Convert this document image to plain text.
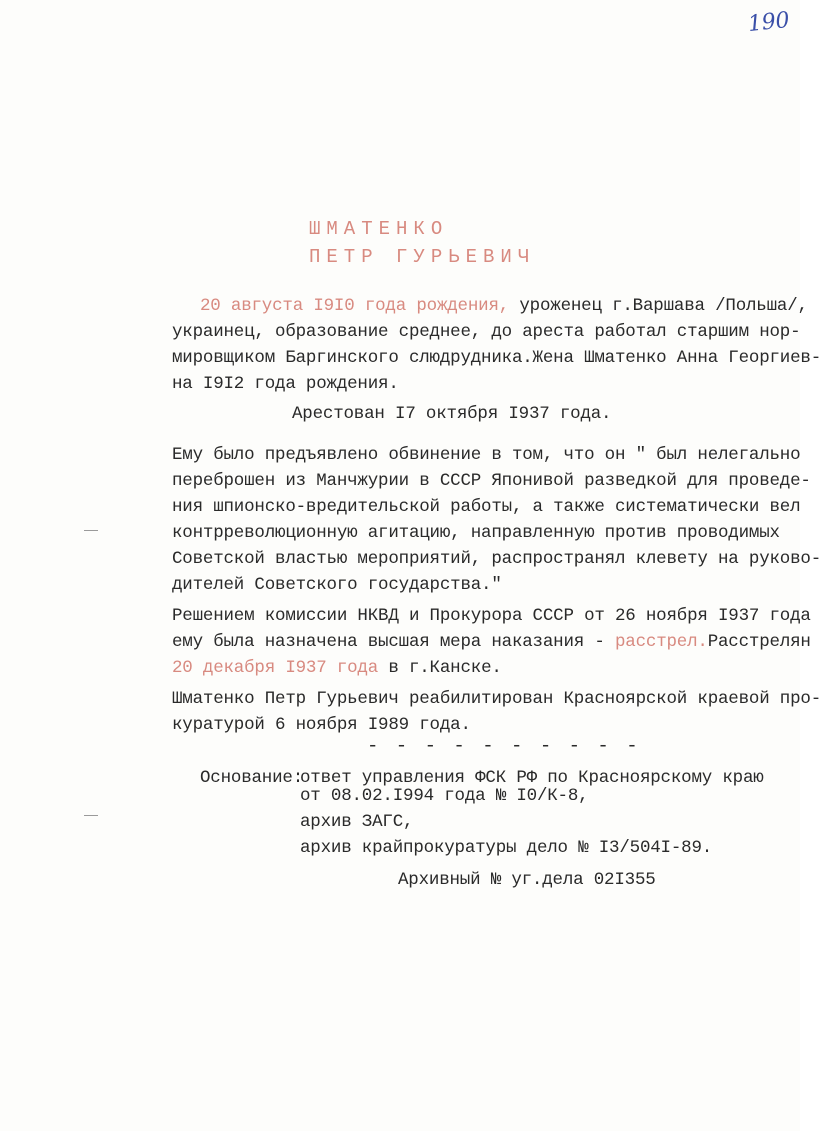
190
ШМАТЕНКО
ПЕТР ГУРЬЕВИЧ
20 августа I9I0 года рождения, уроженец г.Варшава /Польша/,
украинец, образование среднее, до ареста работал старшим нор-
мировщиком Баргинского слюдрудника.Жена Шматенко Анна Георгиев-
на I9I2 года рождения.
Арестован I7 октября I937 года.
Ему было предъявлено обвинение в том, что он " был нелегально
переброшен из Манчжурии в СССР Японивой разведкой для проведе-
ния шпионско-вредительской работы, а также систематически вел
контрреволюционную агитацию, направленную против проводимых
Советской властью мероприятий, распространял клевету на руково-
дителей Советского государства."
Решением комиссии НКВД и Прокурора СССР от 26 ноября I937 года
ему была назначена высшая мера наказания - расстрел.Расстрелян
20 декабря I937 года в г.Канске.
Шматенко Петр Гурьевич реабилитирован Красноярской краевой про-
куратурой 6 ноября I989 года.
- - - - - - - - - -
Основание:
ответ управления ФСК РФ по Красноярскому краю
от 08.02.I994 года № I0/К-8,
архив ЗАГС,
архив крайпрокуратуры дело № I3/504I-89.
Архивный № уг.дела 02I355
